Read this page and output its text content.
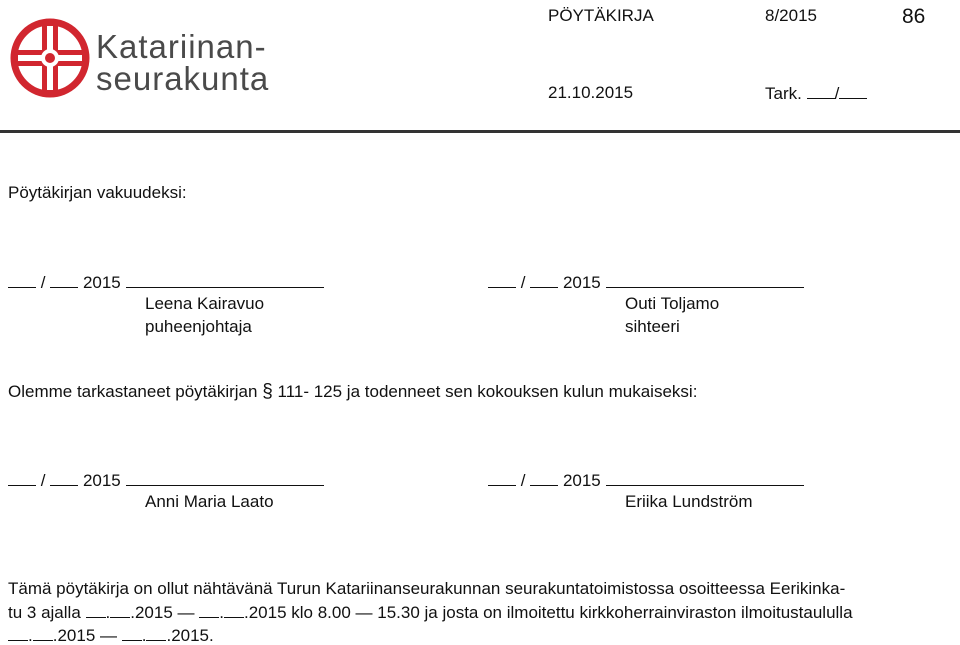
Katariinan-
seurakunta
PÖYTÄKIRJA	8/2015	86
21.10.2015	Tark. /
Pöytäkirjan vakuudeksi:
/ 2015
Leena Kairavuo
puheenjohtaja
/ 2015
Outi Toljamo
sihteeri
Olemme tarkastaneet pöytäkirjan § 111- 125 ja todenneet sen kokouksen kulun mukaiseksi:
/ 2015
Anni Maria Laato
/ 2015
Eriika Lundström
Tämä pöytäkirja on ollut nähtävänä Turun Katariinanseurakunnan seurakuntatoimistossa osoitteessa Eerikinka-
tu 3 ajalla . .2015 — . .2015 klo 8.00 — 15.30 ja josta on ilmoitettu kirkkoherrainviraston ilmoitustaululla
. .2015 — . .2015.
